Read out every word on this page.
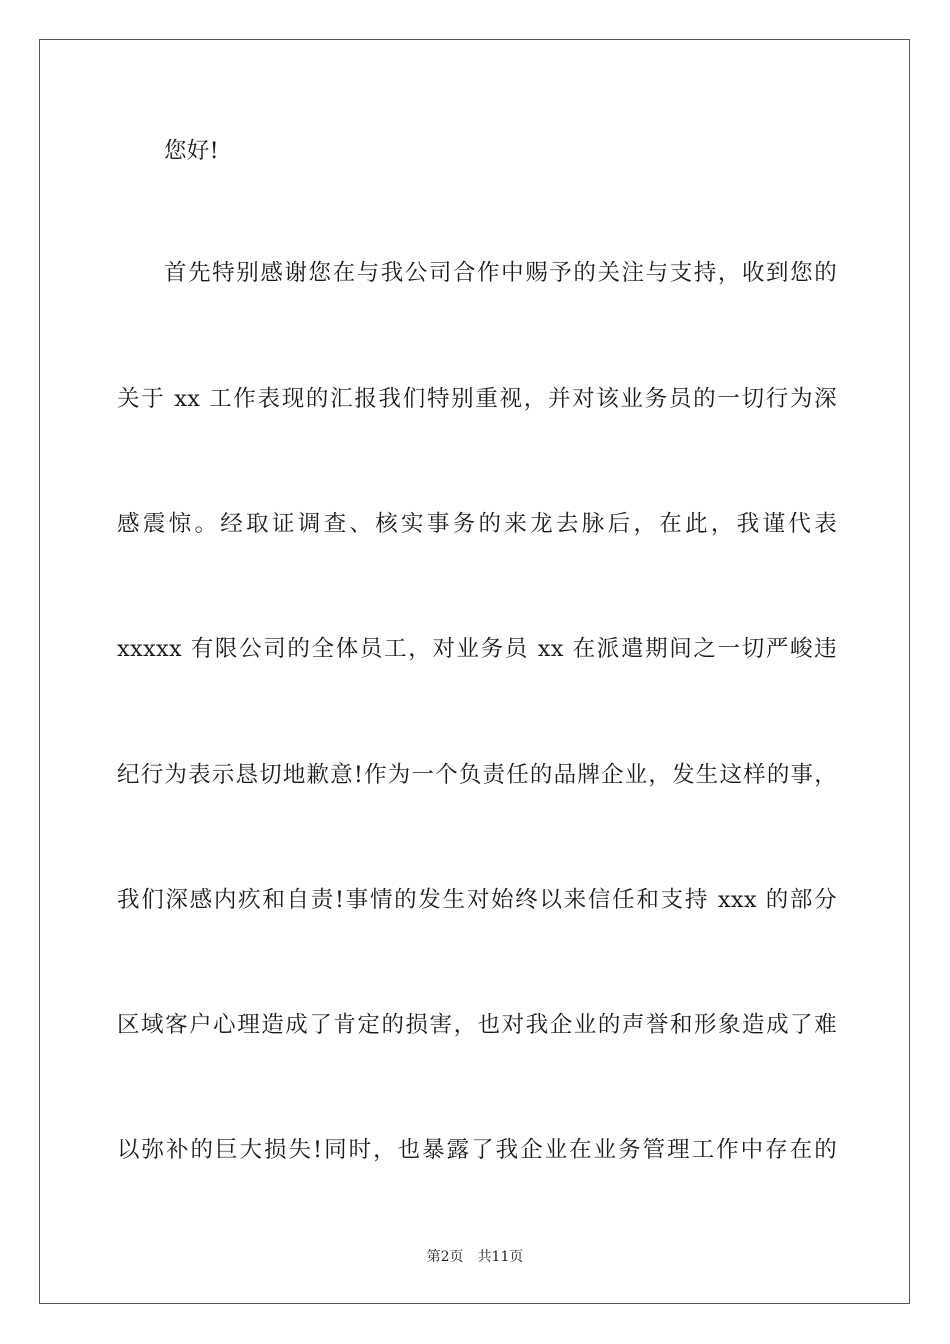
您好!
首先特别感谢您在与我公司合作中赐予的关注与支持，收到您的
关于 xx 工作表现的汇报我们特别重视，并对该业务员的一切行为深
感震惊。经取证调查、核实事务的来龙去脉后，在此，我谨代表
xxxxx 有限公司的全体员工，对业务员 xx 在派遣期间之一切严峻违
纪行为表示恳切地歉意!作为一个负责任的品牌企业，发生这样的事，
我们深感内疚和自责!事情的发生对始终以来信任和支持 xxx 的部分
区域客户心理造成了肯定的损害，也对我企业的声誉和形象造成了难
以弥补的巨大损失!同时，也暴露了我企业在业务管理工作中存在的
第2页 共11页
